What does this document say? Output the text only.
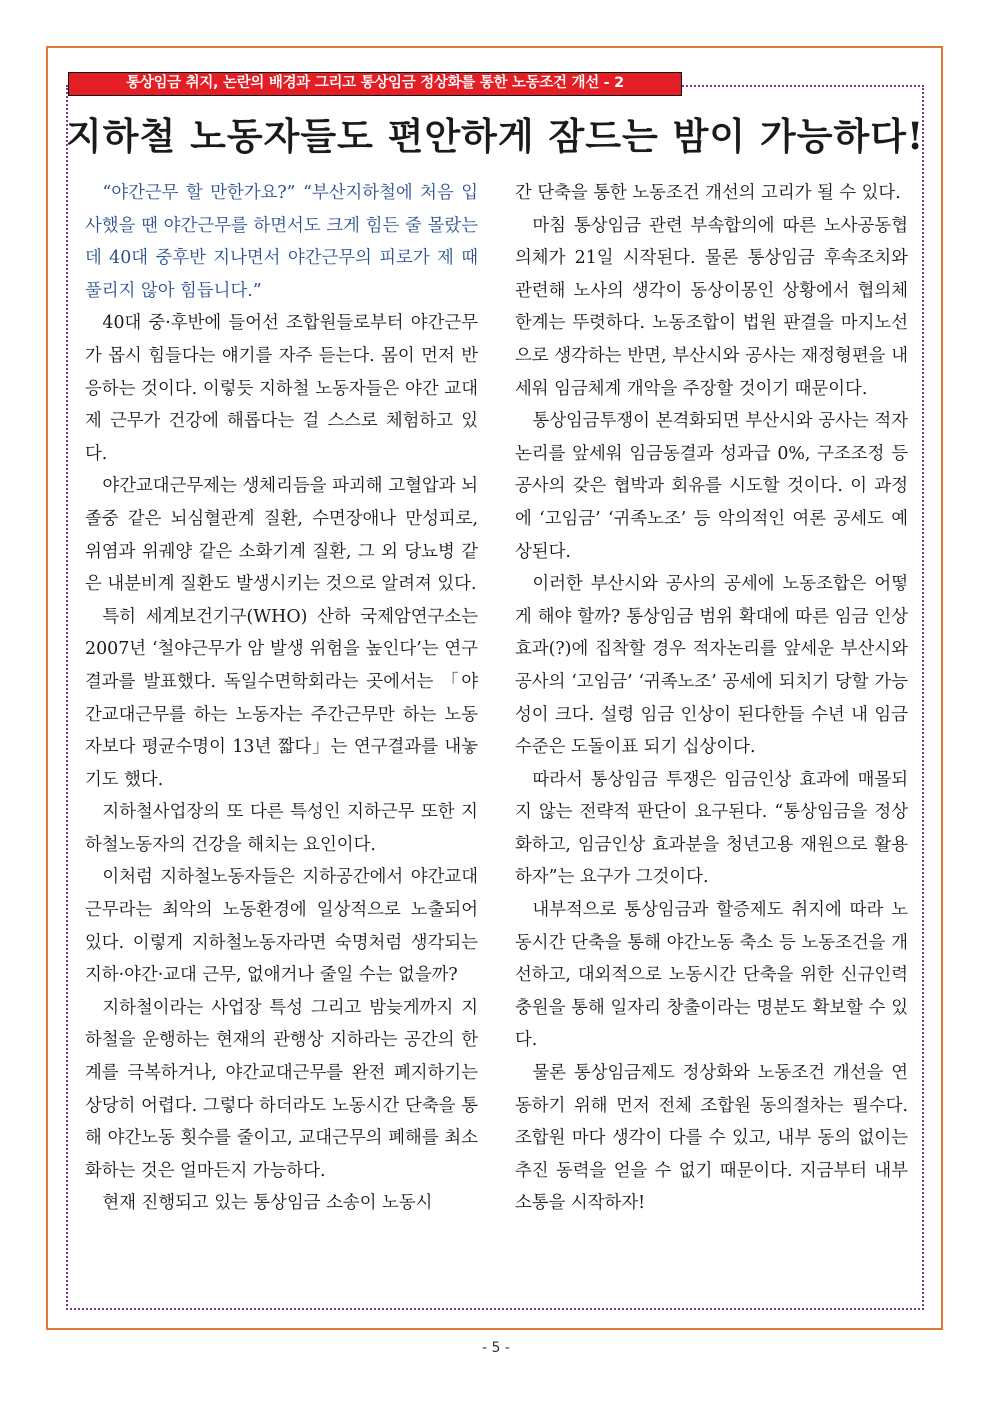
통상임금 취지, 논란의 배경과 그리고 통상임금 정상화를 통한 노동조건 개선 - 2
지하철 노동자들도 편안하게 잠드는 밤이 가능하다!

“야간근무 할 만한가요?” “부산지하철에 처음 입사했을 땐 야간근무를 하면서도 크게 힘든 줄 몰랐는데 40대 중후반 지나면서 야간근무의 피로가 제 때 풀리지 않아 힘듭니다.”

40대 중·후반에 들어선 조합원들로부터 야간근무가 몹시 힘들다는 얘기를 자주 듣는다. 몸이 먼저 반응하는 것이다. 이렇듯 지하철 노동자들은 야간 교대제 근무가 건강에 해롭다는 걸 스스로 체험하고 있다.

야간교대근무제는 생체리듬을 파괴해 고혈압과 뇌졸중 같은 뇌심혈관계 질환, 수면장애나 만성피로, 위염과 위궤양 같은 소화기계 질환, 그 외 당뇨병 같은 내분비계 질환도 발생시키는 것으로 알려져 있다.

특히 세계보건기구(WHO) 산하 국제암연구소는 2007년 ‘철야근무가 암 발생 위험을 높인다’는 연구결과를 발표했다. 독일수면학회라는 곳에서는 「야간교대근무를 하는 노동자는 주간근무만 하는 노동자보다 평균수명이 13년 짧다」는 연구결과를 내놓기도 했다.

지하철사업장의 또 다른 특성인 지하근무 또한 지하철노동자의 건강을 해치는 요인이다.

이처럼 지하철노동자들은 지하공간에서 야간교대근무라는 최악의 노동환경에 일상적으로 노출되어 있다. 이렇게 지하철노동자라면 숙명처럼 생각되는 지하·야간·교대 근무, 없애거나 줄일 수는 없을까?

지하철이라는 사업장 특성 그리고 밤늦게까지 지하철을 운행하는 현재의 관행상 지하라는 공간의 한계를 극복하거나, 야간교대근무를 완전 폐지하기는 상당히 어렵다. 그렇다 하더라도 노동시간 단축을 통해 야간노동 횟수를 줄이고, 교대근무의 폐해를 최소화하는 것은 얼마든지 가능하다.

현재 진행되고 있는 통상임금 소송이 노동시

간 단축을 통한 노동조건 개선의 고리가 될 수 있다.

마침 통상임금 관련 부속합의에 따른 노사공동협의체가 21일 시작된다. 물론 통상임금 후속조치와 관련해 노사의 생각이 동상이몽인 상황에서 협의체 한계는 뚜렷하다. 노동조합이 법원 판결을 마지노선으로 생각하는 반면, 부산시와 공사는 재정형편을 내세워 임금체계 개악을 주장할 것이기 때문이다.

통상임금투쟁이 본격화되면 부산시와 공사는 적자논리를 앞세워 임금동결과 성과급 0%, 구조조정 등 공사의 갖은 협박과 회유를 시도할 것이다. 이 과정에 ‘고임금’ ‘귀족노조’ 등 악의적인 여론 공세도 예상된다.

이러한 부산시와 공사의 공세에 노동조합은 어떻게 해야 할까? 통상임금 범위 확대에 따른 임금 인상효과(?)에 집착할 경우 적자논리를 앞세운 부산시와 공사의 ‘고임금’ ‘귀족노조’ 공세에 되치기 당할 가능성이 크다. 설령 임금 인상이 된다한들 수년 내 임금 수준은 도돌이표 되기 십상이다.

따라서 통상임금 투쟁은 임금인상 효과에 매몰되지 않는 전략적 판단이 요구된다. “통상임금을 정상화하고, 임금인상 효과분을 청년고용 재원으로 활용하자”는 요구가 그것이다.

내부적으로 통상임금과 할증제도 취지에 따라 노동시간 단축을 통해 야간노동 축소 등 노동조건을 개선하고, 대외적으로 노동시간 단축을 위한 신규인력 충원을 통해 일자리 창출이라는 명분도 확보할 수 있다.

물론 통상임금제도 정상화와 노동조건 개선을 연동하기 위해 먼저 전체 조합원 동의절차는 필수다. 조합원 마다 생각이 다를 수 있고, 내부 동의 없이는 추진 동력을 얻을 수 없기 때문이다. 지금부터 내부 소통을 시작하자!

- 5 -
